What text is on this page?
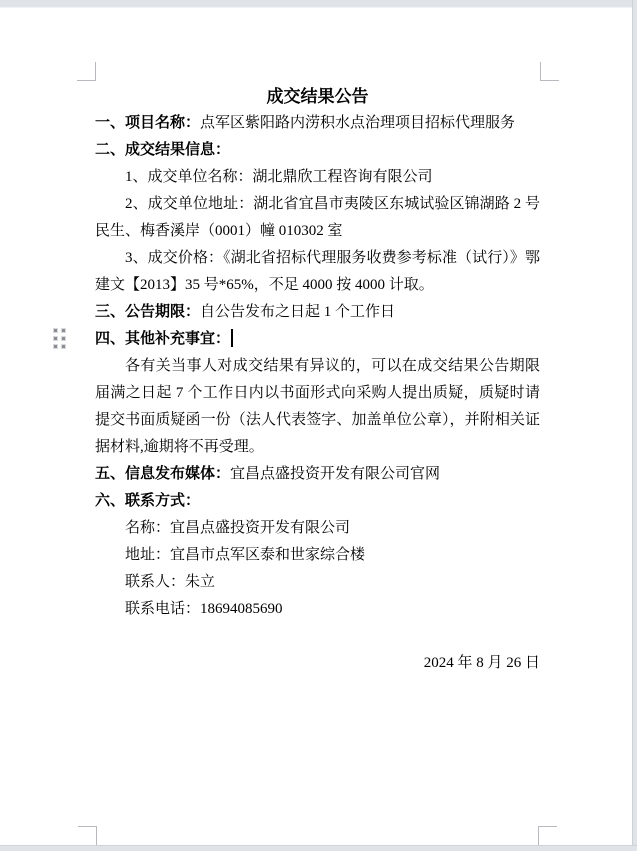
成交结果公告

一、项目名称：点军区紫阳路内涝积水点治理项目招标代理服务

二、成交结果信息：

1、成交单位名称：湖北鼎欣工程咨询有限公司

2、成交单位地址：湖北省宜昌市夷陵区东城试验区锦湖路 2 号民生、梅香溪岸（0001）幢 010302 室

3、成交价格：《湖北省招标代理服务收费参考标准（试行）》鄂建文【2013】35 号*65%，不足 4000 按 4000 计取。

三、公告期限：自公告发布之日起 1 个工作日

四、其他补充事宜：

各有关当事人对成交结果有异议的，可以在成交结果公告期限届满之日起 7 个工作日内以书面形式向采购人提出质疑，质疑时请提交书面质疑函一份（法人代表签字、加盖单位公章），并附相关证据材料,逾期将不再受理。

五、信息发布媒体：宜昌点盛投资开发有限公司官网

六、联系方式：

名称：宜昌点盛投资开发有限公司

地址：宜昌市点军区泰和世家综合楼

联系人：朱立

联系电话：18694085690

2024 年 8 月 26 日
